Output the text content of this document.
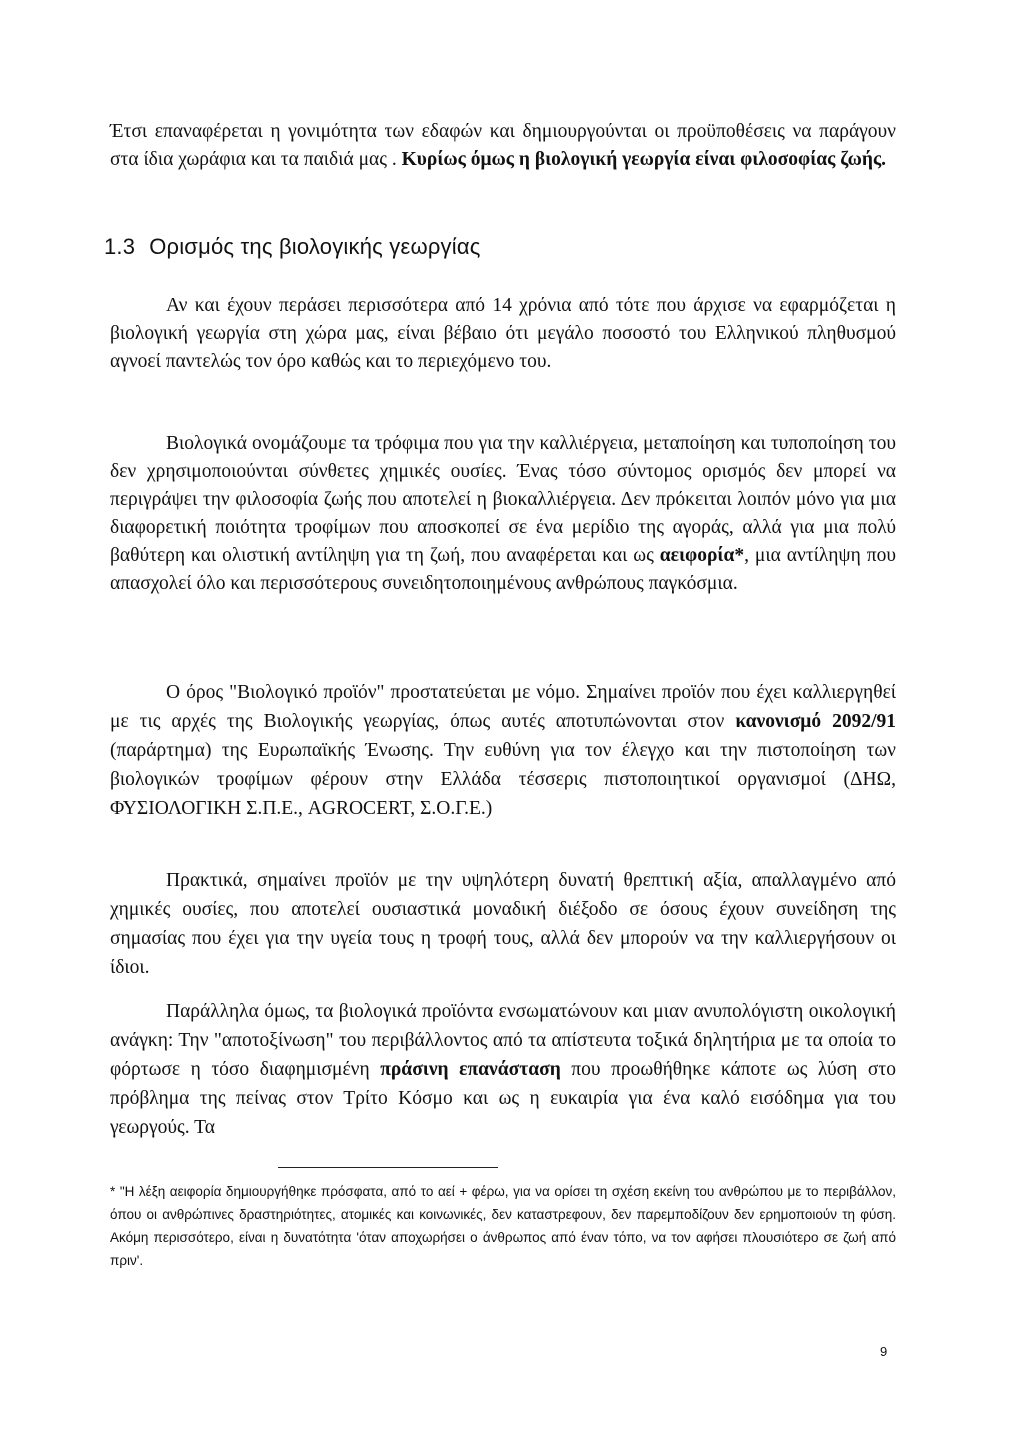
Έτσι επαναφέρεται η γονιμότητα των εδαφών και δημιουργούνται οι προϋποθέσεις να παράγουν στα ίδια χωράφια και τα παιδιά μας . Κυρίως όμως η βιολογική γεωργία είναι φιλοσοφίας ζωής.

1.3 Ορισμός της βιολογικής γεωργίας

Αν και έχουν περάσει περισσότερα από 14 χρόνια από τότε που άρχισε να εφαρμόζεται η βιολογική γεωργία στη χώρα μας, είναι βέβαιο ότι μεγάλο ποσοστό του Ελληνικού πληθυσμού αγνοεί παντελώς τον όρο καθώς και το περιεχόμενο του.

Βιολογικά ονομάζουμε τα τρόφιμα που για την καλλιέργεια, μεταποίηση και τυποποίηση του δεν χρησιμοποιούνται σύνθετες χημικές ουσίες. Ένας τόσο σύντομος ορισμός δεν μπορεί να περιγράψει την φιλοσοφία ζωής που αποτελεί η βιοκαλλιέργεια. Δεν πρόκειται λοιπόν μόνο για μια διαφορετική ποιότητα τροφίμων που αποσκοπεί σε ένα μερίδιο της αγοράς, αλλά για μια πολύ βαθύτερη και ολιστική αντίληψη για τη ζωή, που αναφέρεται και ως αειφορία*, μια αντίληψη που απασχολεί όλο και περισσότερους συνειδητοποιημένους ανθρώπους παγκόσμια.

Ο όρος "Βιολογικό προϊόν" προστατεύεται με νόμο. Σημαίνει προϊόν που έχει καλλιεργηθεί με τις αρχές της Βιολογικής γεωργίας, όπως αυτές αποτυπώνονται στον κανονισμό 2092/91 (παράρτημα) της Ευρωπαϊκής Ένωσης. Την ευθύνη για τον έλεγχο και την πιστοποίηση των βιολογικών τροφίμων φέρουν στην Ελλάδα τέσσερις πιστοποιητικοί οργανισμοί (ΔΗΩ, ΦΥΣΙΟΛΟΓΙΚΗ Σ.Π.Ε., AGROCERT, Σ.Ο.Γ.Ε.)

Πρακτικά, σημαίνει προϊόν με την υψηλότερη δυνατή θρεπτική αξία, απαλλαγμένο από χημικές ουσίες, που αποτελεί ουσιαστικά μοναδική διέξοδο σε όσους έχουν συνείδηση της σημασίας που έχει για την υγεία τους η τροφή τους, αλλά δεν μπορούν να την καλλιεργήσουν οι ίδιοι.

Παράλληλα όμως, τα βιολογικά προϊόντα ενσωματώνουν και μιαν ανυπολόγιστη οικολογική ανάγκη: Την "αποτοξίνωση" του περιβάλλοντος από τα απίστευτα τοξικά δηλητήρια με τα οποία το φόρτωσε η τόσο διαφημισμένη πράσινη επανάσταση που προωθήθηκε κάποτε ως λύση στο πρόβλημα της πείνας στον Τρίτο Κόσμο και ως η ευκαιρία για ένα καλό εισόδημα για του γεωργούς. Τα

* "Η λέξη αειφορία δημιουργήθηκε πρόσφατα, από το αεί + φέρω, για να ορίσει τη σχέση εκείνη του ανθρώπου με το περιβάλλον, όπου οι ανθρώπινες δραστηριότητες, ατομικές και κοινωνικές, δεν καταστρεφουν, δεν παρεμποδίζουν δεν ερημοποιούν τη φύση. Ακόμη περισσότερο, είναι η δυνατότητα 'όταν αποχωρήσει ο άνθρωπος από έναν τόπο, να τον αφήσει πλουσιότερο σε ζωή από πριν'.

9
